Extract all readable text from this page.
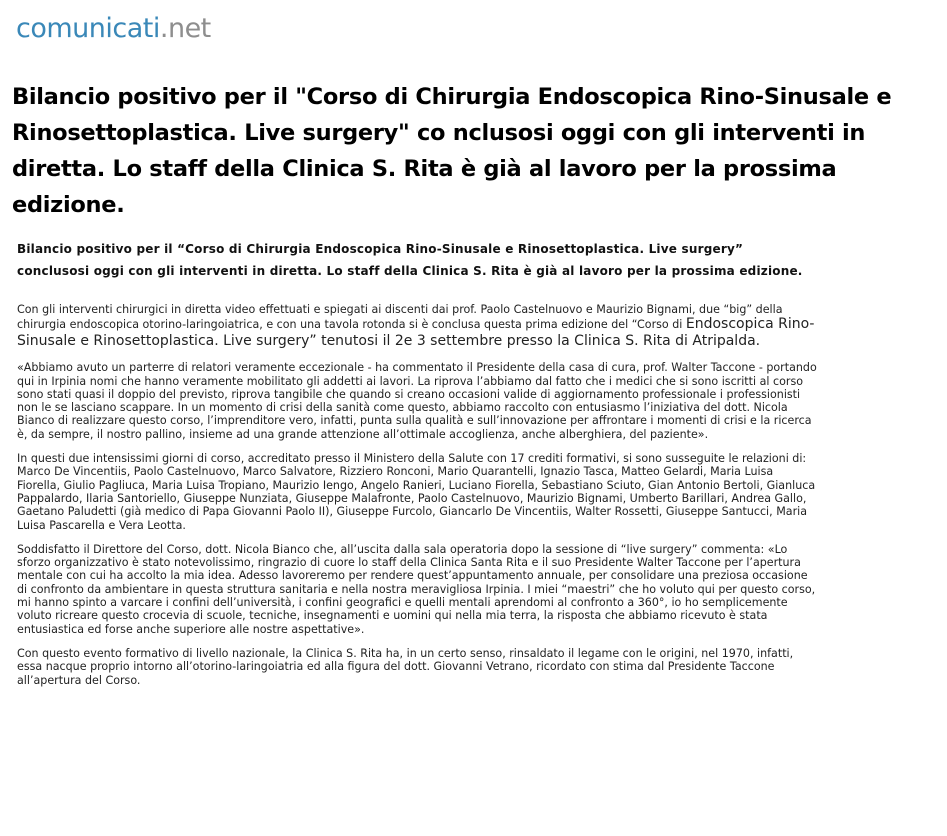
comunicati.net
Bilancio positivo per il "Corso di Chirurgia Endoscopica Rino-Sinusale e Rinosettoplastica. Live surgery" co nclusosi oggi con gli interventi in diretta. Lo staff della Clinica S. Rita è già al lavoro per la prossima edizione.

Bilancio positivo per il “Corso di Chirurgia Endoscopica Rino-Sinusale e Rinosettoplastica. Live surgery” conclusosi oggi con gli interventi in diretta. Lo staff della Clinica S. Rita è già al lavoro per la prossima edizione.

Con gli interventi chirurgici in diretta video effettuati e spiegati ai discenti dai prof. Paolo Castelnuovo e Maurizio Bignami, due “big” della chirurgia endoscopica otorino-laringoiatrica, e con una tavola rotonda si è conclusa questa prima edizione del “Corso di Endoscopica Rino-Sinusale e Rinosettoplastica. Live surgery” tenutosi il 2e 3 settembre presso la Clinica S. Rita di Atripalda.

«Abbiamo avuto un parterre di relatori veramente eccezionale - ha commentato il Presidente della casa di cura, prof. Walter Taccone - portando qui in Irpinia nomi che hanno veramente mobilitato gli addetti ai lavori. La riprova l’abbiamo dal fatto che i medici che si sono iscritti al corso sono stati quasi il doppio del previsto, riprova tangibile che quando si creano occasioni valide di aggiornamento professionale i professionisti non le se lasciano scappare. In un momento di crisi della sanità come questo, abbiamo raccolto con entusiasmo l’iniziativa del dott. Nicola Bianco di realizzare questo corso, l’imprenditore vero, infatti, punta sulla qualità e sull’innovazione per affrontare i momenti di crisi e la ricerca è, da sempre, il nostro pallino, insieme ad una grande attenzione all’ottimale accoglienza, anche alberghiera, del paziente».

In questi due intensissimi giorni di corso, accreditato presso il Ministero della Salute con 17 crediti formativi, si sono susseguite le relazioni di: Marco De Vincentiis, Paolo Castelnuovo, Marco Salvatore, Rizziero Ronconi, Mario Quarantelli, Ignazio Tasca, Matteo Gelardi, Maria Luisa Fiorella, Giulio Pagliuca, Maria Luisa Tropiano, Maurizio Iengo, Angelo Ranieri, Luciano Fiorella, Sebastiano Sciuto, Gian Antonio Bertoli, Gianluca Pappalardo, Ilaria Santoriello, Giuseppe Nunziata, Giuseppe Malafronte, Paolo Castelnuovo, Maurizio Bignami, Umberto Barillari, Andrea Gallo, Gaetano Paludetti (già medico di Papa Giovanni Paolo II), Giuseppe Furcolo, Giancarlo De Vincentiis, Walter Rossetti, Giuseppe Santucci, Maria Luisa Pascarella e Vera Leotta.

Soddisfatto il Direttore del Corso, dott. Nicola Bianco che, all’uscita dalla sala operatoria dopo la sessione di “live surgery” commenta: «Lo sforzo organizzativo è stato notevolissimo, ringrazio di cuore lo staff della Clinica Santa Rita e il suo Presidente Walter Taccone per l’apertura mentale con cui ha accolto la mia idea. Adesso lavoreremo per rendere quest’appuntamento annuale, per consolidare una preziosa occasione di confronto da ambientare in questa struttura sanitaria e nella nostra meravigliosa Irpinia. I miei “maestri” che ho voluto qui per questo corso, mi hanno spinto a varcare i confini dell’università, i confini geografici e quelli mentali aprendomi al confronto a 360°, io ho semplicemente voluto ricreare questo crocevia di scuole, tecniche, insegnamenti e uomini qui nella mia terra, la risposta che abbiamo ricevuto è stata entusiastica ed forse anche superiore alle nostre aspettative».

Con questo evento formativo di livello nazionale, la Clinica S. Rita ha, in un certo senso, rinsaldato il legame con le origini, nel 1970, infatti, essa nacque proprio intorno all’otorino-laringoiatria ed alla figura del dott. Giovanni Vetrano, ricordato con stima dal Presidente Taccone all’apertura del Corso.
